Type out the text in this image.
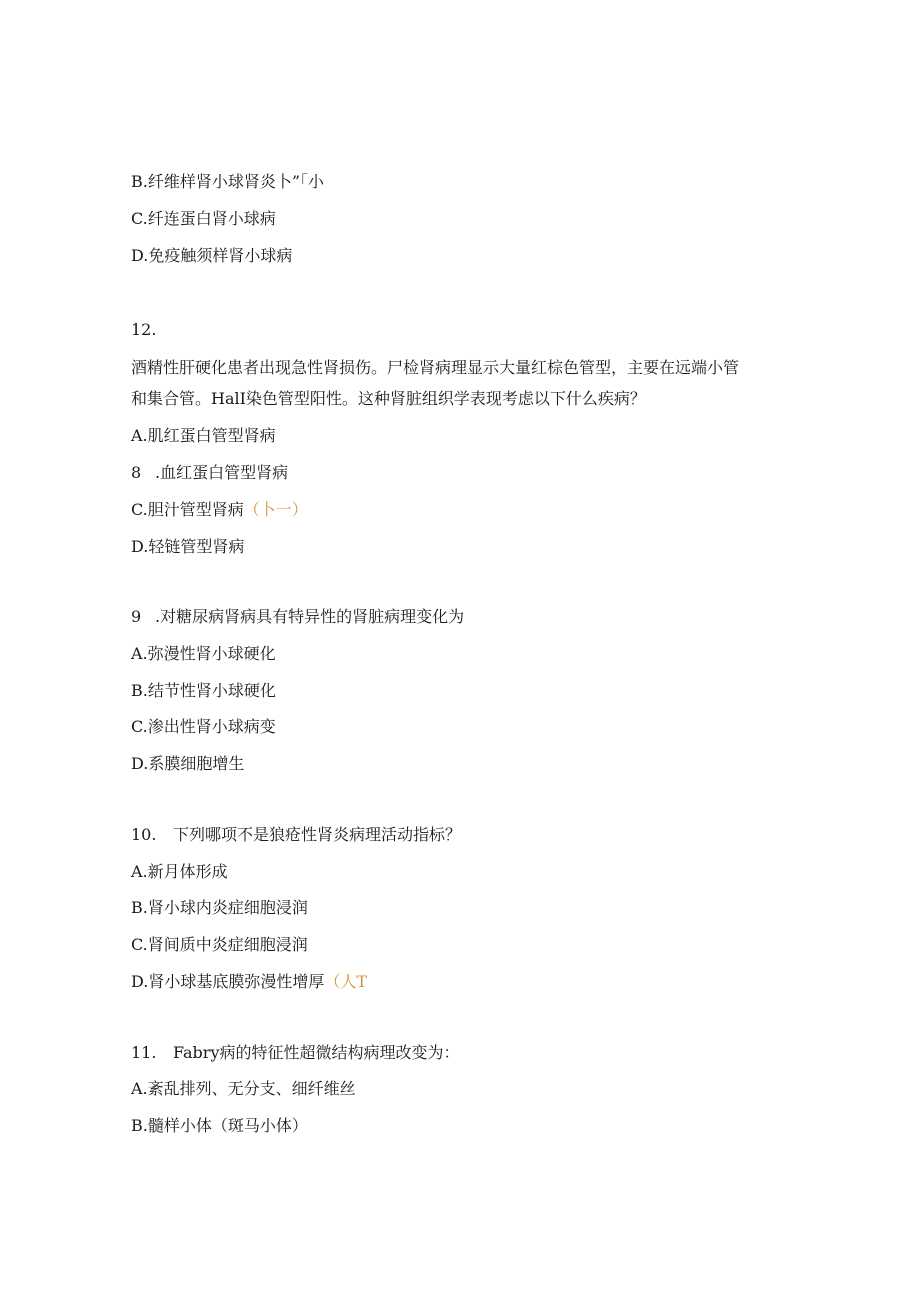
B.纤维样肾小球肾炎卜”「小
C.纤连蛋白肾小球病
D.免疫触须样肾小球病
12.
酒精性肝硬化患者出现急性肾损伤。尸检肾病理显示大量红棕色管型，主要在远端小管
和集合管。HalI染色管型阳性。这种肾脏组织学表现考虑以下什么疾病？
A.肌红蛋白管型肾病
8 .血红蛋白管型肾病
C.胆汁管型肾病（卜一）
D.轻链管型肾病
9 .对糖尿病肾病具有特异性的肾脏病理变化为
A.弥漫性肾小球硬化
B.结节性肾小球硬化
C.渗出性肾小球病变
D.系膜细胞增生
10. 下列哪项不是狼疮性肾炎病理活动指标？
A.新月体形成
B.肾小球内炎症细胞浸润
C.肾间质中炎症细胞浸润
D.肾小球基底膜弥漫性增厚（人T
11. Fabry病的特征性超微结构病理改变为：
A.紊乱排列、无分支、细纤维丝
B.髓样小体（斑马小体）
